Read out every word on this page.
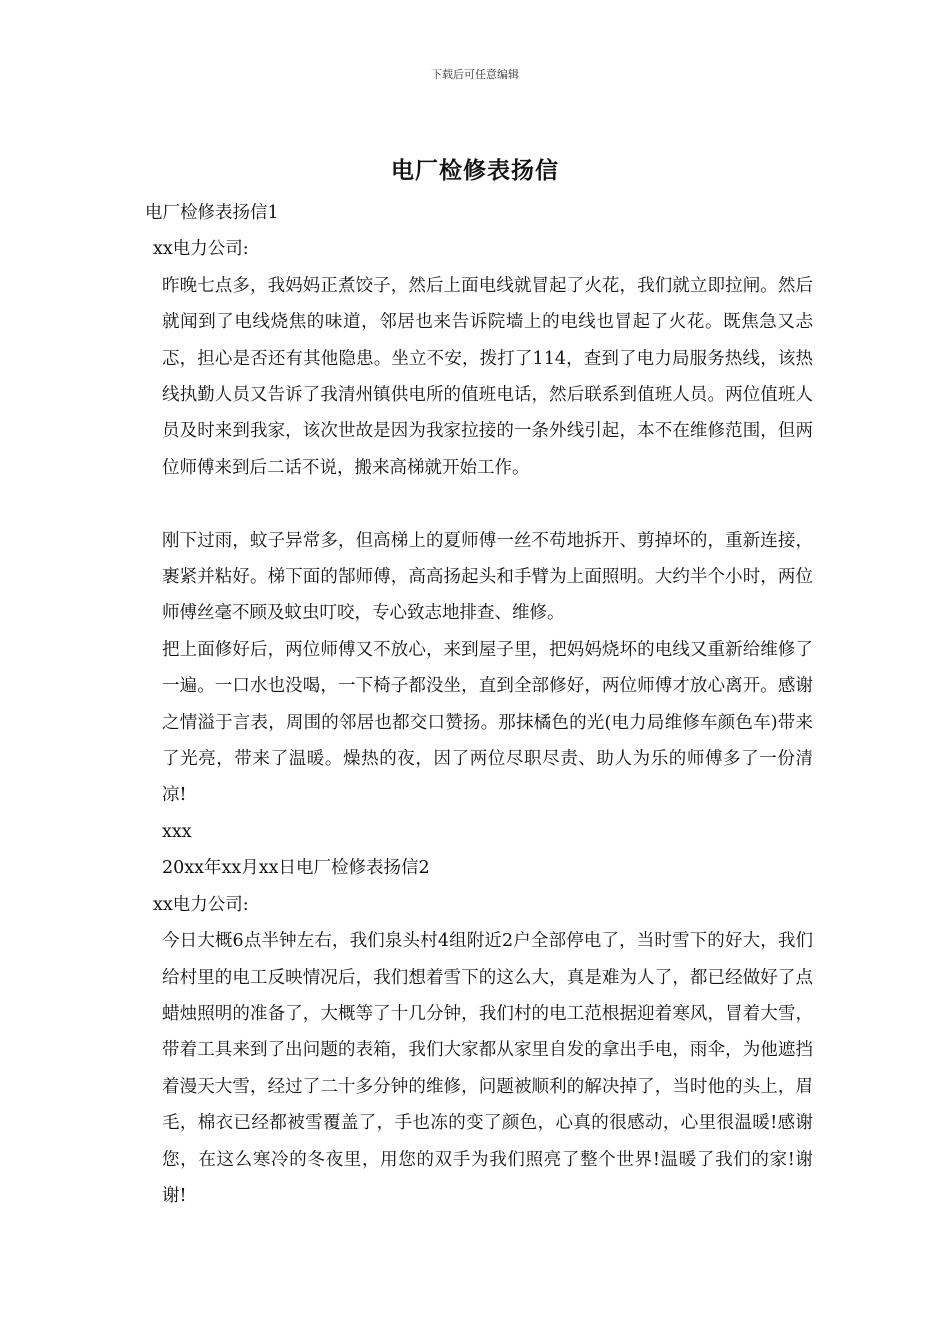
下载后可任意编辑
电厂检修表扬信

电厂检修表扬信1

xx电力公司:

昨晚七点多，我妈妈正煮饺子，然后上面电线就冒起了火花，我们就立即拉闸。然后就闻到了电线烧焦的味道，邻居也来告诉院墙上的电线也冒起了火花。既焦急又忐忑，担心是否还有其他隐患。坐立不安，拨打了114，查到了电力局服务热线，该热线执勤人员又告诉了我清州镇供电所的值班电话，然后联系到值班人员。两位值班人员及时来到我家，该次世故是因为我家拉接的一条外线引起，本不在维修范围，但两位师傅来到后二话不说，搬来高梯就开始工作。

刚下过雨，蚊子异常多，但高梯上的夏师傅一丝不苟地拆开、剪掉坏的，重新连接，裹紧并粘好。梯下面的郜师傅，高高扬起头和手臂为上面照明。大约半个小时，两位师傅丝毫不顾及蚊虫叮咬，专心致志地排查、维修。

把上面修好后，两位师傅又不放心，来到屋子里，把妈妈烧坏的电线又重新给维修了一遍。一口水也没喝，一下椅子都没坐，直到全部修好，两位师傅才放心离开。感谢之情溢于言表，周围的邻居也都交口赞扬。那抹橘色的光(电力局维修车颜色车)带来了光亮，带来了温暖。燥热的夜，因了两位尽职尽责、助人为乐的师傅多了一份清凉!

xxx

20xx年xx月xx日电厂检修表扬信2

xx电力公司:

今日大概6点半钟左右，我们泉头村4组附近2户全部停电了，当时雪下的好大，我们给村里的电工反映情况后，我们想着雪下的这么大，真是难为人了，都已经做好了点蜡烛照明的准备了，大概等了十几分钟，我们村的电工范根据迎着寒风，冒着大雪，带着工具来到了出问题的表箱，我们大家都从家里自发的拿出手电，雨伞，为他遮挡着漫天大雪，经过了二十多分钟的维修，问题被顺利的解决掉了，当时他的头上，眉毛，棉衣已经都被雪覆盖了，手也冻的变了颜色，心真的很感动，心里很温暖!感谢您，在这么寒冷的冬夜里，用您的双手为我们照亮了整个世界!温暖了我们的家!谢谢!
